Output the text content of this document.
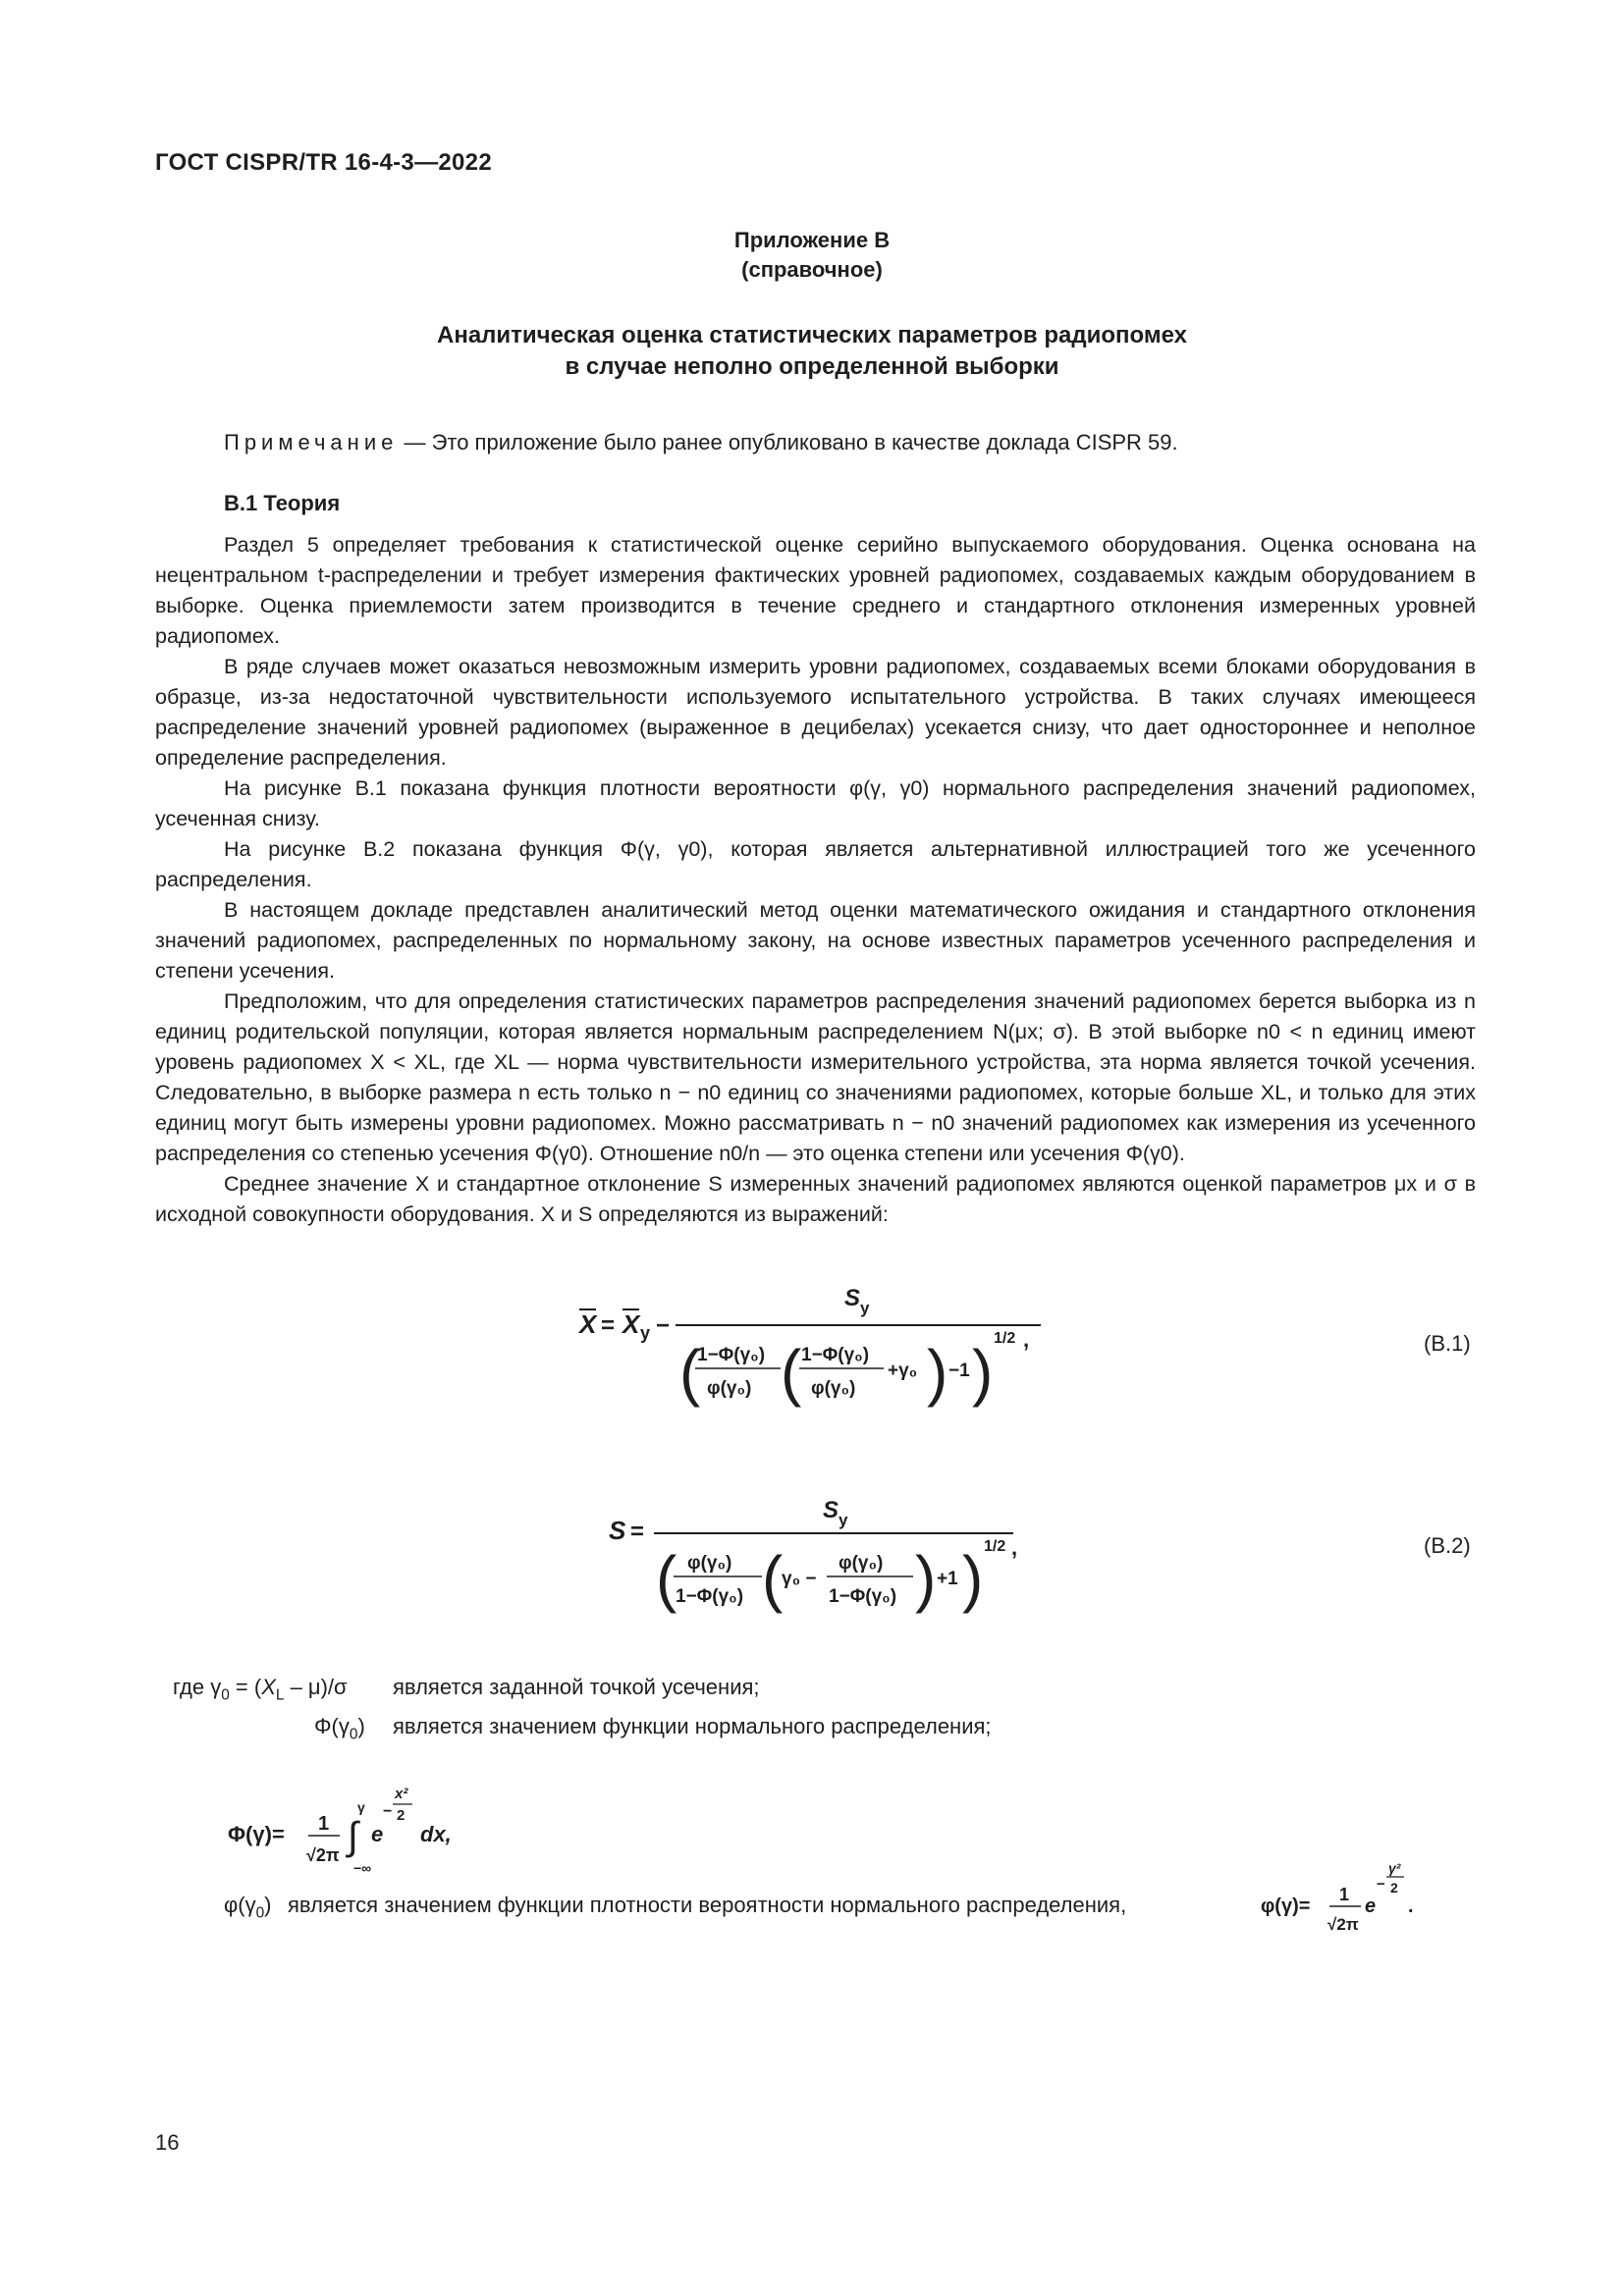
ГОСТ CISPR/TR 16-4-3—2022
Приложение В
(справочное)
Аналитическая оценка статистических параметров радиопомех
в случае неполно определенной выборки
Примечание — Это приложение было ранее опубликовано в качестве доклада CISPR 59.
В.1 Теория

Раздел 5 определяет требования к статистической оценке серийно выпускаемого оборудования. Оценка основана на нецентральном t-распределении и требует измерения фактических уровней радиопомех, создаваемых каждым оборудованием в выборке. Оценка приемлемости затем производится в течение среднего и стандартного отклонения измеренных уровней радиопомех.

В ряде случаев может оказаться невозможным измерить уровни радиопомех, создаваемых всеми блоками оборудования в образце, из-за недостаточной чувствительности используемого испытательного устройства. В таких случаях имеющееся распределение значений уровней радиопомех (выраженное в децибелах) усекается снизу, что дает одностороннее и неполное определение распределения.

На рисунке В.1 показана функция плотности вероятности φ(γ, γ0) нормального распределения значений радиопомех, усеченная снизу.

На рисунке В.2 показана функция Φ(γ, γ0), которая является альтернативной иллюстрацией того же усеченного распределения.

В настоящем докладе представлен аналитический метод оценки математического ожидания и стандартного отклонения значений радиопомех, распределенных по нормальному закону, на основе известных параметров усеченного распределения и степени усечения.

Предположим, что для определения статистических параметров распределения значений радиопомех берется выборка из n единиц родительской популяции, которая является нормальным распределением N(μx; σ). В этой выборке n0 < n единиц имеют уровень радиопомех X < XL, где XL — норма чувствительности измерительного устройства, эта норма является точкой усечения. Следовательно, в выборке размера n есть только n − n0 единиц со значениями радиопомех, которые больше XL, и только для этих единиц могут быть измерены уровни радиопомех. Можно рассматривать n − n0 значений радиопомех как измерения из усеченного распределения со степенью усечения Φ(γ0). Отношение n0/n — это оценка степени или усечения Φ(γ0).

Среднее значение X и стандартное отклонение S измеренных значений радиопомех являются оценкой параметров μx и σ в исходной совокупности оборудования. X и S определяются из выражений:

X = X y −
S y
(
1−Φ(γ₀)
φ(γ₀) ( 1−Φ(γ₀)
φ(γ₀)
+γ₀ ) −1 ) 1/2 ,	(В.1)
S =
S y
( φ(γ₀)
1−Φ(γ₀) (
γ₀ −
φ(γ₀)
1−Φ(γ₀) ) +1 ) 1/2 ,	(В.2)
где $\gamma_0 = (X_L - \mu)/\sigma$ является заданной точкой усечения;
$\Phi(\gamma_0)$ является значением функции нормального распределения;
Φ(γ)= 1
√2π ∫
γ
−∞
e
−
x²
2
dx,
$\varphi(\gamma_0)$ является значением функции плотности вероятности нормального распределения,	φ(γ)=
1
√2π
e
−
γ²
2
.
16
